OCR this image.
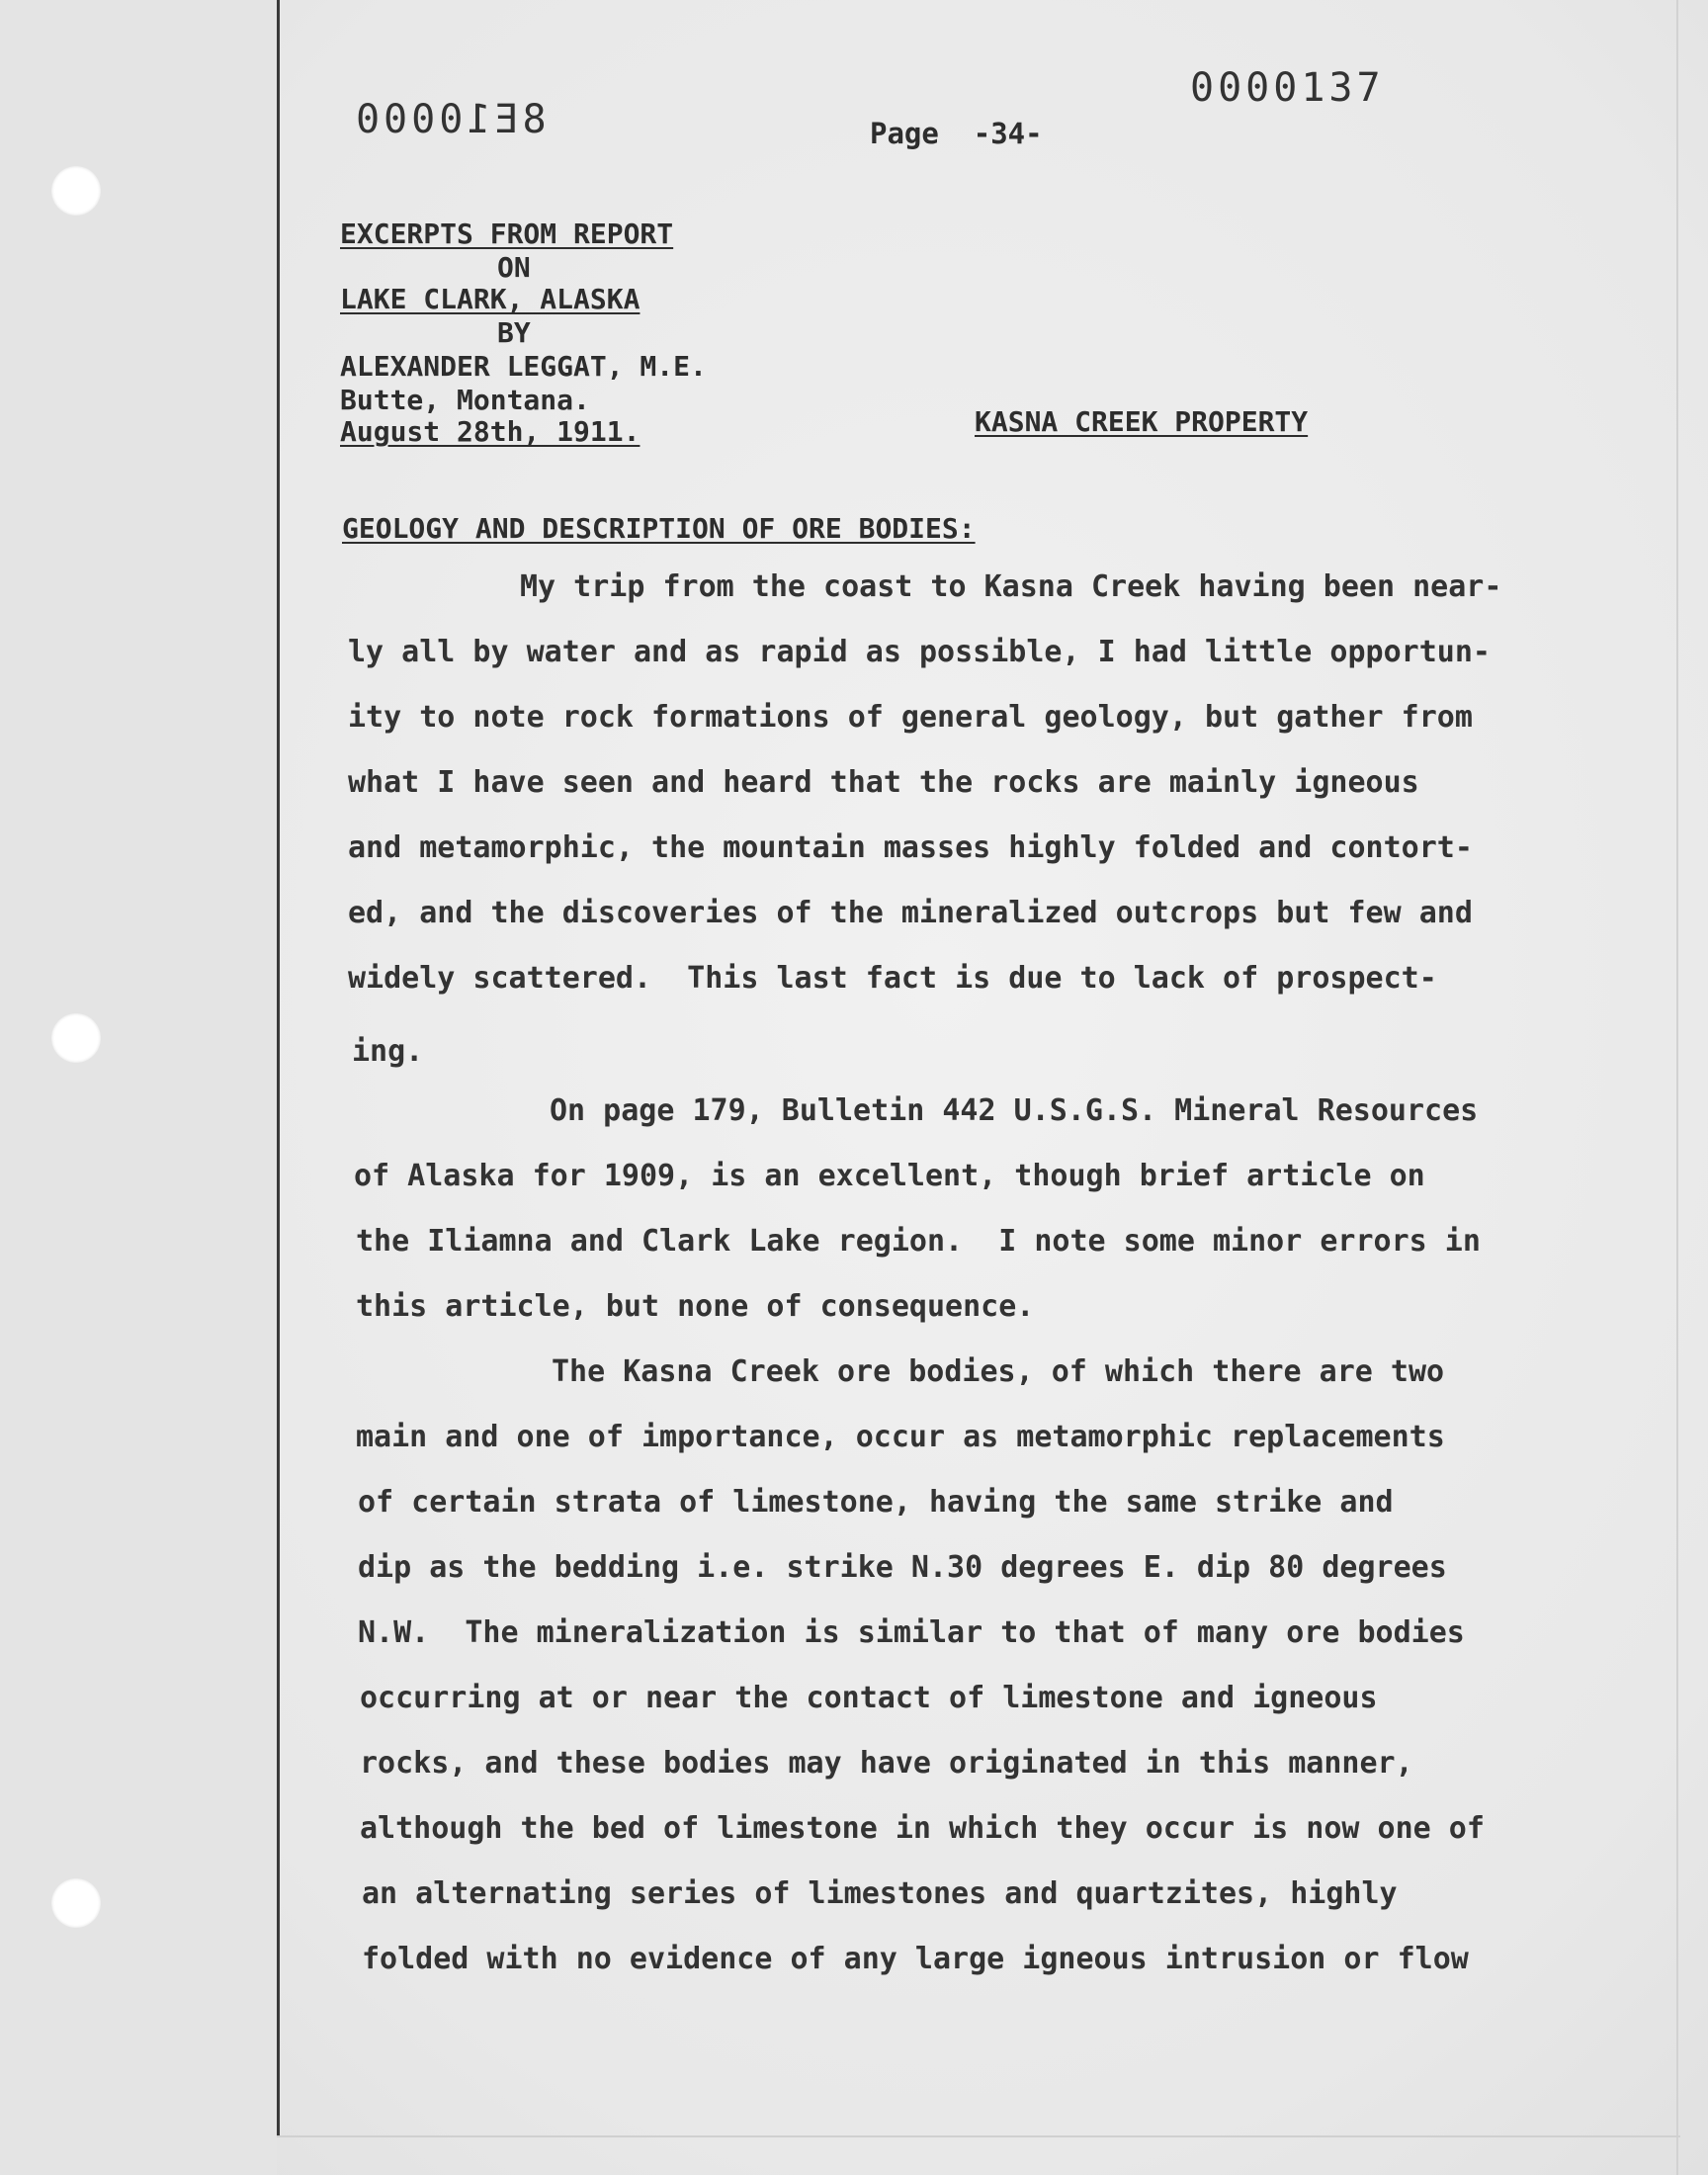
8E10000
0000137
Page  -34-
EXCERPTS FROM REPORT
ON
LAKE CLARK, ALASKA
BY
ALEXANDER LEGGAT, M.E.
Butte, Montana.
August 28th, 1911.	KASNA CREEK PROPERTY
GEOLOGY AND DESCRIPTION OF ORE BODIES:
My trip from the coast to Kasna Creek having been near-
ly all by water and as rapid as possible, I had little opportun-
ity to note rock formations of general geology, but gather from
what I have seen and heard that the rocks are mainly igneous
and metamorphic, the mountain masses highly folded and contort-
ed, and the discoveries of the mineralized outcrops but few and
widely scattered.  This last fact is due to lack of prospect-
ing.
On page 179, Bulletin 442 U.S.G.S. Mineral Resources
of Alaska for 1909, is an excellent, though brief article on
the Iliamna and Clark Lake region.  I note some minor errors in
this article, but none of consequence.
The Kasna Creek ore bodies, of which there are two
main and one of importance, occur as metamorphic replacements
of certain strata of limestone, having the same strike and
dip as the bedding i.e. strike N.30 degrees E. dip 80 degrees
N.W.  The mineralization is similar to that of many ore bodies
occurring at or near the contact of limestone and igneous
rocks, and these bodies may have originated in this manner,
although the bed of limestone in which they occur is now one of
an alternating series of limestones and quartzites, highly
folded with no evidence of any large igneous intrusion or flow
